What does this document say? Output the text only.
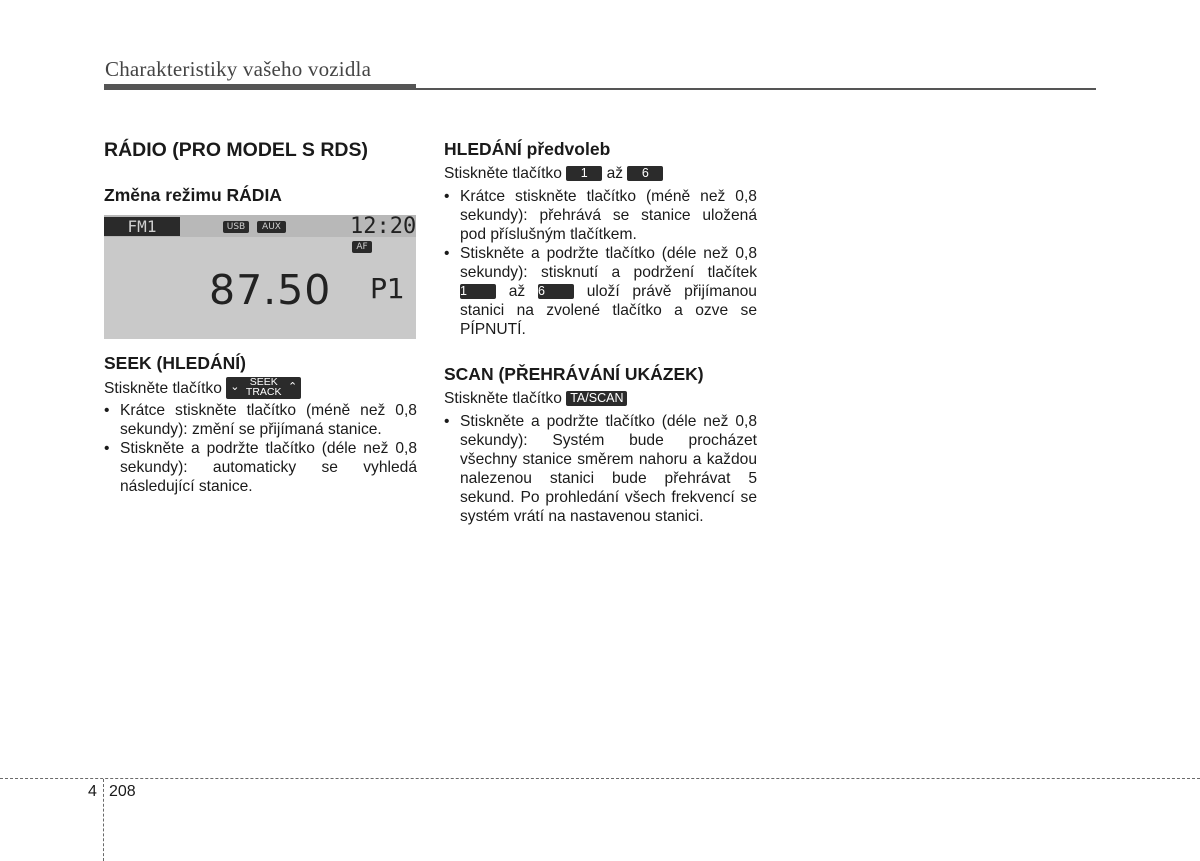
Charakteristiky vašeho vozidla
RÁDIO (PRO MODEL S RDS)
Změna režimu RÁDIA
FM1	USB	AUX	12:20
AF
87.50 P1
SEEK (HLEDÁNÍ)
Stiskněte tlačítko ⌄ SEEK
TRACK ⌃
• Krátce stiskněte tlačítko (méně než 0,8 sekundy): změní se přijímaná stanice.
• Stiskněte a podržte tlačítko (déle než 0,8 sekundy): automaticky se vyhledá následující stanice.
HLEDÁNÍ předvoleb
Stiskněte tlačítko 1 až 6
• Krátce stiskněte tlačítko (méně než 0,8 sekundy): přehrává se stanice uložená pod příslušným tlačítkem.
• Stiskněte a podržte tlačítko (déle než 0,8 sekundy): stisknutí a podržení tlačítek 1	až 6	uloží právě přijímanou stanici na zvolené tlačítko a ozve se PÍPNUTÍ.
SCAN (PŘEHRÁVÁNÍ UKÁZEK)
Stiskněte tlačítko TA/SCAN
• Stiskněte a podržte tlačítko (déle než 0,8 sekundy): Systém bude procházet všechny stanice směrem nahoru a každou nalezenou stanici bude přehrávat 5 sekund. Po prohledání všech frekvencí se systém vrátí na nastavenou stanici.
4 208
